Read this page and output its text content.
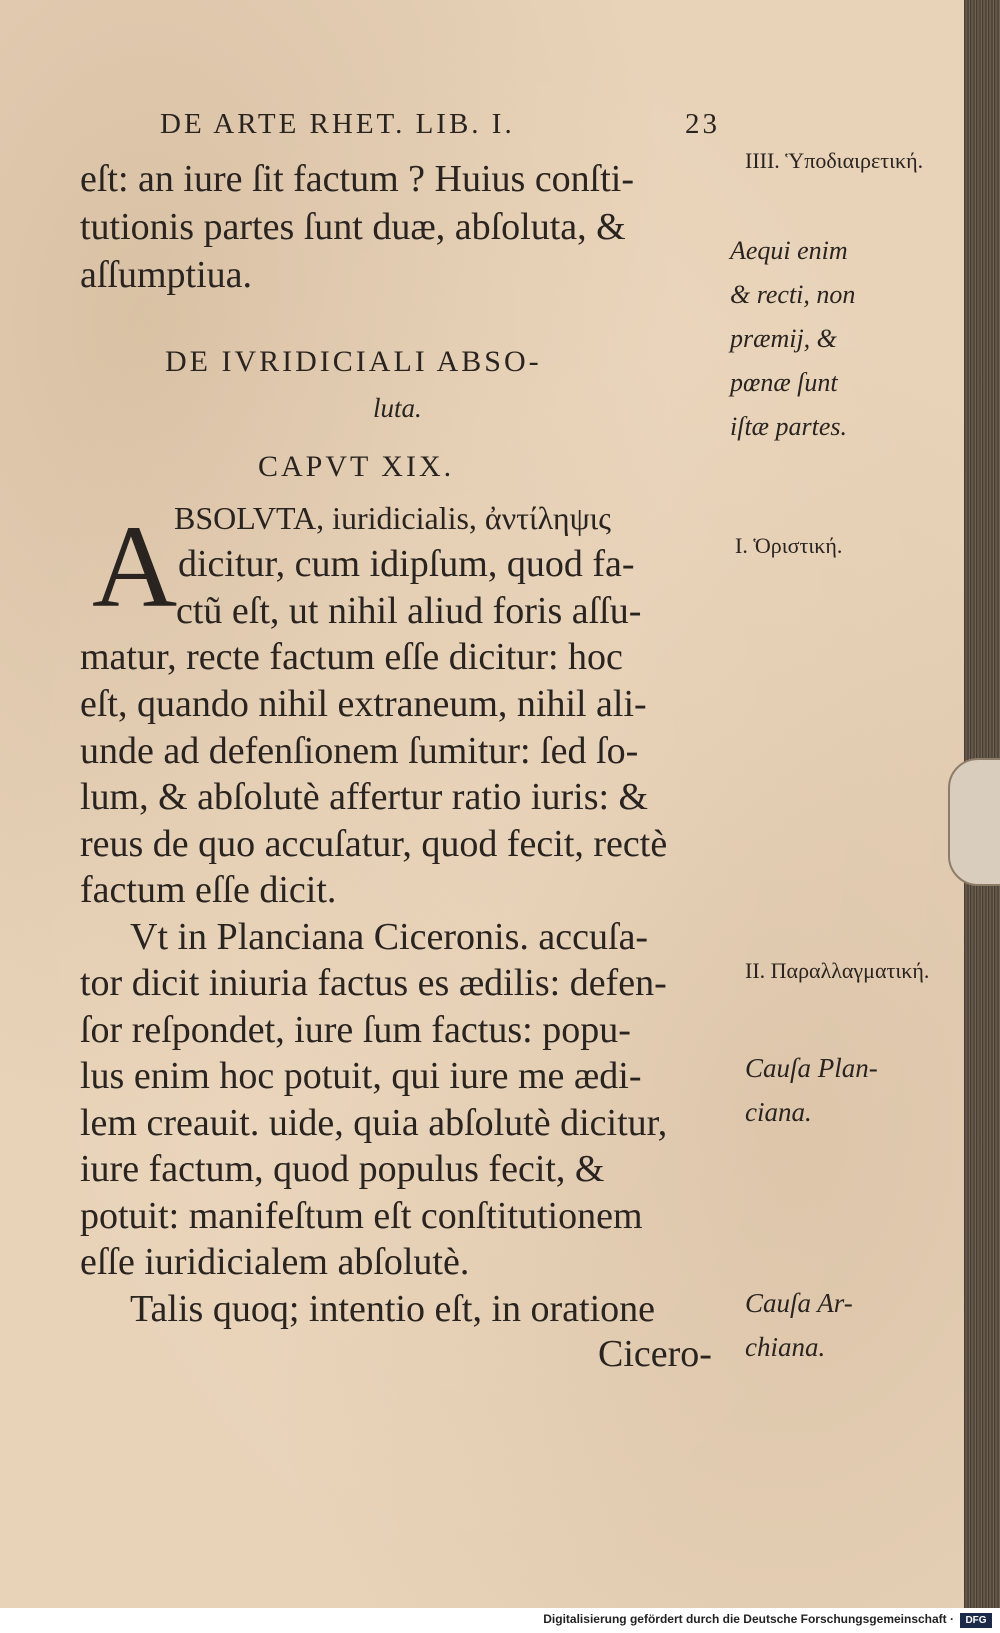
DE ARTE RHET. LIB. I.	23
eſt: an iure ſit factum ? Huius conſti-
tutionis partes ſunt duæ, abſoluta, &
aſſumptiua.
DE IVRIDICIALI ABSO-
luta.
CAPVT XIX.
A
BSOLVTA, iuridicialis, ἀντίληψις
dicitur, cum idipſum, quod fa-
ctũ eſt, ut nihil aliud foris aſſu-
matur, recte factum eſſe dicitur: hoc
eſt, quando nihil extraneum, nihil ali-
unde ad defenſionem ſumitur: ſed ſo-
lum, & abſolutè affertur ratio iuris: &
reus de quo accuſatur, quod fecit, rectè
factum eſſe dicit.
Vt in Planciana Ciceronis. accuſa-
tor dicit iniuria factus es ædilis: defen-
ſor reſpondet, iure ſum factus: popu-
lus enim hoc potuit, qui iure me ædi-
lem creauit. uide, quia abſolutè dicitur,
iure factum, quod populus fecit, &
potuit: manifeſtum eſt conſtitutionem
eſſe iuridicialem abſolutè.
Talis quoq; intentio eſt, in oratione
Cicero-
IIII. Ὑποδιαιρετική.
Aequi enim
& recti, non
præmij, &
pœnæ ſunt
iſtæ partes.
I. Ὁριστική.
II. Παραλλαγματική.
Cauſa Plan-
ciana.
Cauſa Ar-
chiana.
Digitalisierung gefördert durch die Deutsche Forschungsgemeinschaft ·	DFG
